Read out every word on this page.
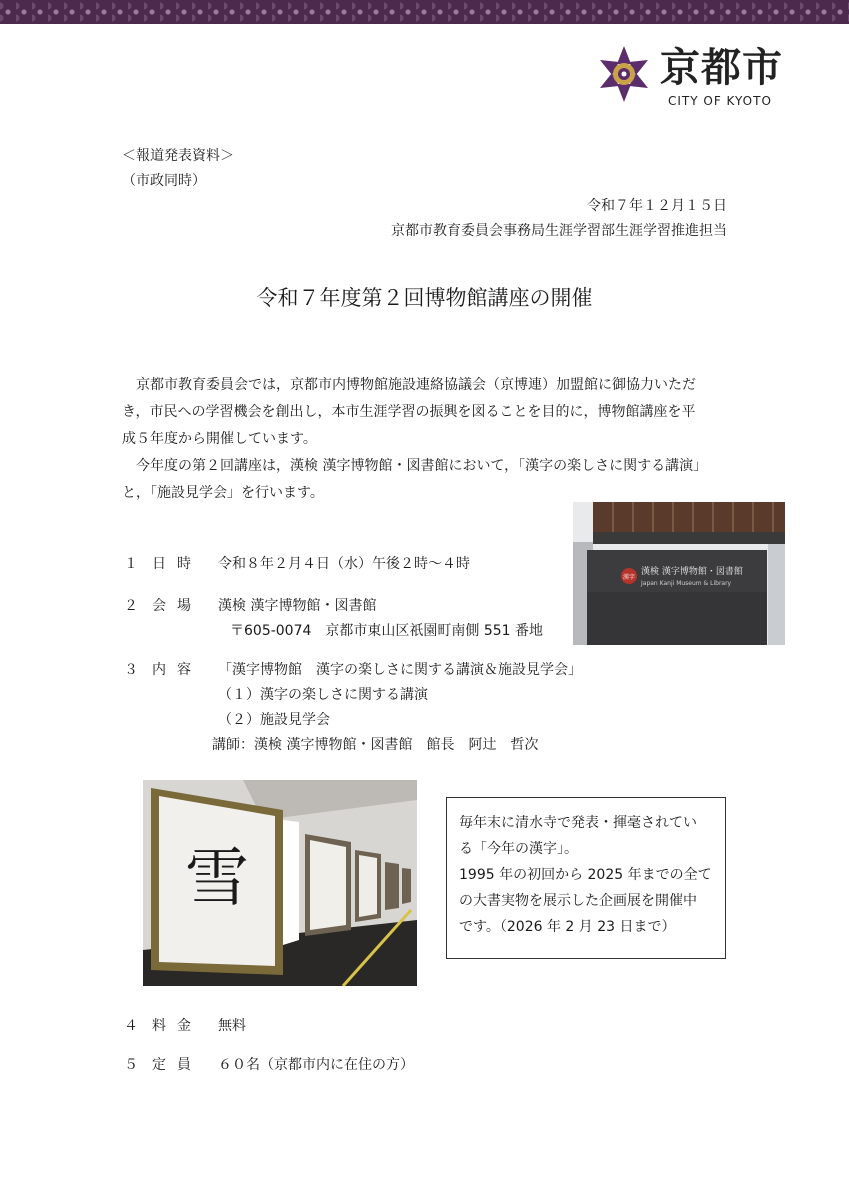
京都市
CITY OF KYOTO
＜報道発表資料＞
（市政同時）
令和７年１２月１５日
京都市教育委員会事務局生涯学習部生涯学習推進担当
令和７年度第２回博物館講座の開催

京都市教育委員会では，京都市内博物館施設連絡協議会（京博連）加盟館に御協力いただ

き，市民への学習機会を創出し，本市生涯学習の振興を図ることを目的に，博物館講座を平

成５年度から開催しています。

今年度の第２回講座は，漢検 漢字博物館・図書館において，「漢字の楽しさに関する講演」

と，「施設見学会」を行います。

漢字
漢検 漢字博物館・図書館
Japan Kanji Museum & Library
１ 日時 令和８年２月４日（水）午後２時～４時
２ 会場 漢検 漢字博物館・図書館
〒605-0074　京都市東山区祇園町南側 551 番地
３ 内容 「漢字博物館　漢字の楽しさに関する講演＆施設見学会」
（１）漢字の楽しさに関する講演
（２）施設見学会
講師：漢検 漢字博物館・図書館　館長　阿辻　哲次
雪
毎年末に清水寺で発表・揮毫されてい
る「今年の漢字」。
1995 年の初回から 2025 年までの全て
の大書実物を展示した企画展を開催中
です。（2026 年 2 月 23 日まで）
４ 料金 無料
５ 定員 ６０名（京都市内に在住の方）
